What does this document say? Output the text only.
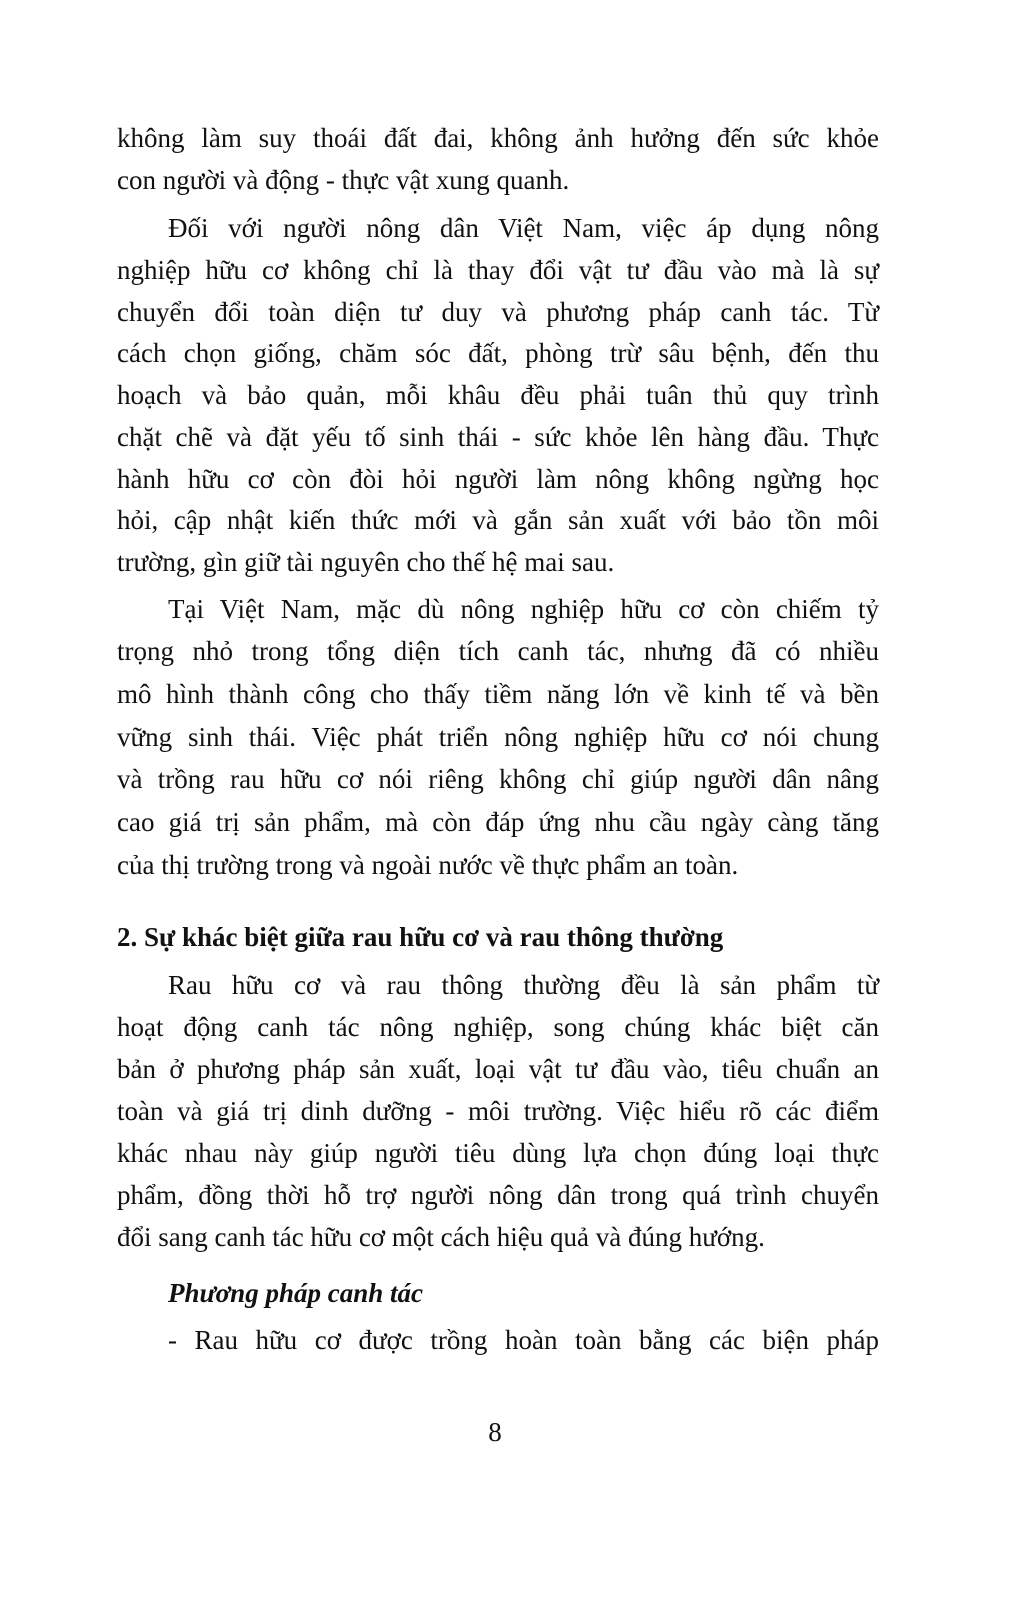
không làm suy thoái đất đai, không ảnh hưởng đến sức khỏe
con người và động - thực vật xung quanh.
Đối với người nông dân Việt Nam, việc áp dụng nông
nghiệp hữu cơ không chỉ là thay đổi vật tư đầu vào mà là sự
chuyển đổi toàn diện tư duy và phương pháp canh tác. Từ
cách chọn giống, chăm sóc đất, phòng trừ sâu bệnh, đến thu
hoạch và bảo quản, mỗi khâu đều phải tuân thủ quy trình
chặt chẽ và đặt yếu tố sinh thái - sức khỏe lên hàng đầu. Thực
hành hữu cơ còn đòi hỏi người làm nông không ngừng học
hỏi, cập nhật kiến thức mới và gắn sản xuất với bảo tồn môi
trường, gìn giữ tài nguyên cho thế hệ mai sau.
Tại Việt Nam, mặc dù nông nghiệp hữu cơ còn chiếm tỷ
trọng nhỏ trong tổng diện tích canh tác, nhưng đã có nhiều
mô hình thành công cho thấy tiềm năng lớn về kinh tế và bền
vững sinh thái. Việc phát triển nông nghiệp hữu cơ nói chung
và trồng rau hữu cơ nói riêng không chỉ giúp người dân nâng
cao giá trị sản phẩm, mà còn đáp ứng nhu cầu ngày càng tăng
của thị trường trong và ngoài nước về thực phẩm an toàn.
2. Sự khác biệt giữa rau hữu cơ và rau thông thường
Rau hữu cơ và rau thông thường đều là sản phẩm từ
hoạt động canh tác nông nghiệp, song chúng khác biệt căn
bản ở phương pháp sản xuất, loại vật tư đầu vào, tiêu chuẩn an
toàn và giá trị dinh dưỡng - môi trường. Việc hiểu rõ các điểm
khác nhau này giúp người tiêu dùng lựa chọn đúng loại thực
phẩm, đồng thời hỗ trợ người nông dân trong quá trình chuyển
đổi sang canh tác hữu cơ một cách hiệu quả và đúng hướng.
Phương pháp canh tác
- Rau hữu cơ được trồng hoàn toàn bằng các biện pháp
8
